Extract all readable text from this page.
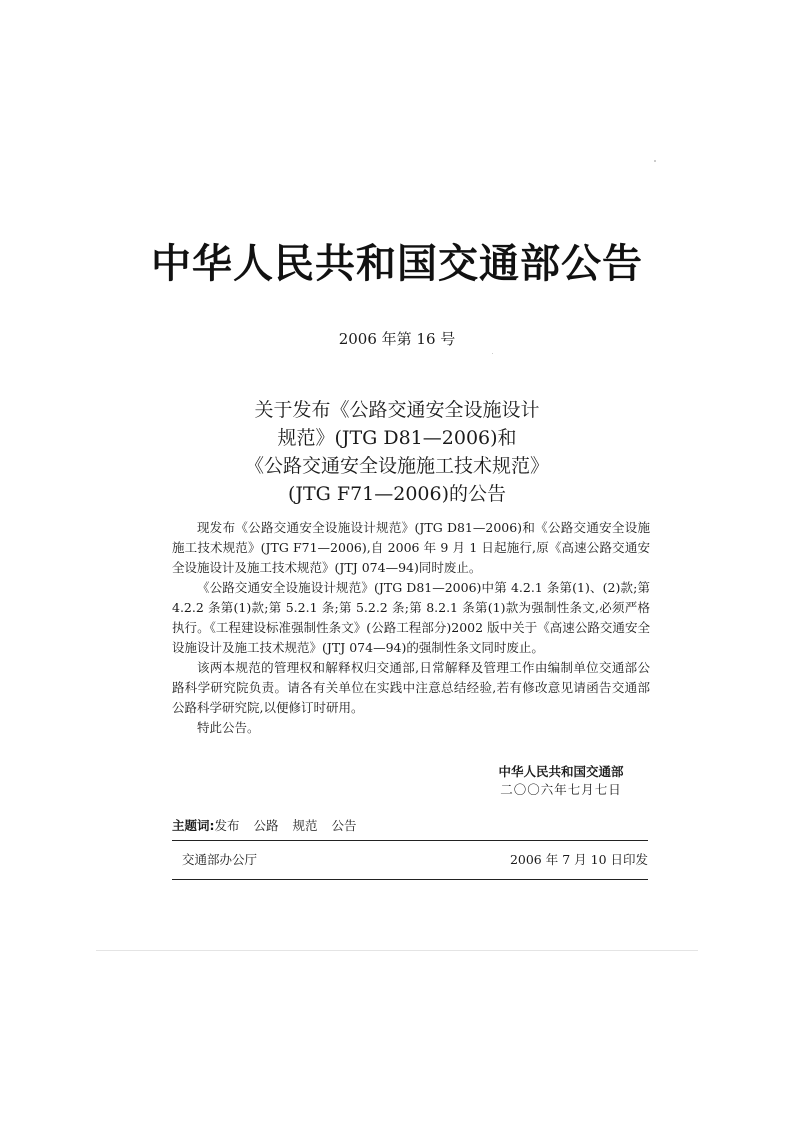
中华人民共和国交通部公告
2006 年第 16 号
关于发布《公路交通安全设施设计
规范》(JTG D81—2006)和
《公路交通安全设施施工技术规范》
(JTG F71—2006)的公告

现发布《公路交通安全设施设计规范》(JTG D81—2006)和《公路交通安全设施施工技术规范》(JTG F71—2006),自 2006 年 9 月 1 日起施行,原《高速公路交通安全设施设计及施工技术规范》(JTJ 074—94)同时废止。

《公路交通安全设施设计规范》(JTG D81—2006)中第 4.2.1 条第(1)、(2)款;第 4.2.2 条第(1)款;第 5.2.1 条;第 5.2.2 条;第 8.2.1 条第(1)款为强制性条文,必须严格执行。《工程建设标准强制性条文》(公路工程部分)2002 版中关于《高速公路交通安全设施设计及施工技术规范》(JTJ 074—94)的强制性条文同时废止。

该两本规范的管理权和解释权归交通部,日常解释及管理工作由编制单位交通部公路科学研究院负责。请各有关单位在实践中注意总结经验,若有修改意见请函告交通部公路科学研究院,以便修订时研用。

特此公告。

中华人民共和国交通部
二〇〇六年七月七日
主题词:发布 公路 规范 公告
交通部办公厅	2006 年 7 月 10 日印发
